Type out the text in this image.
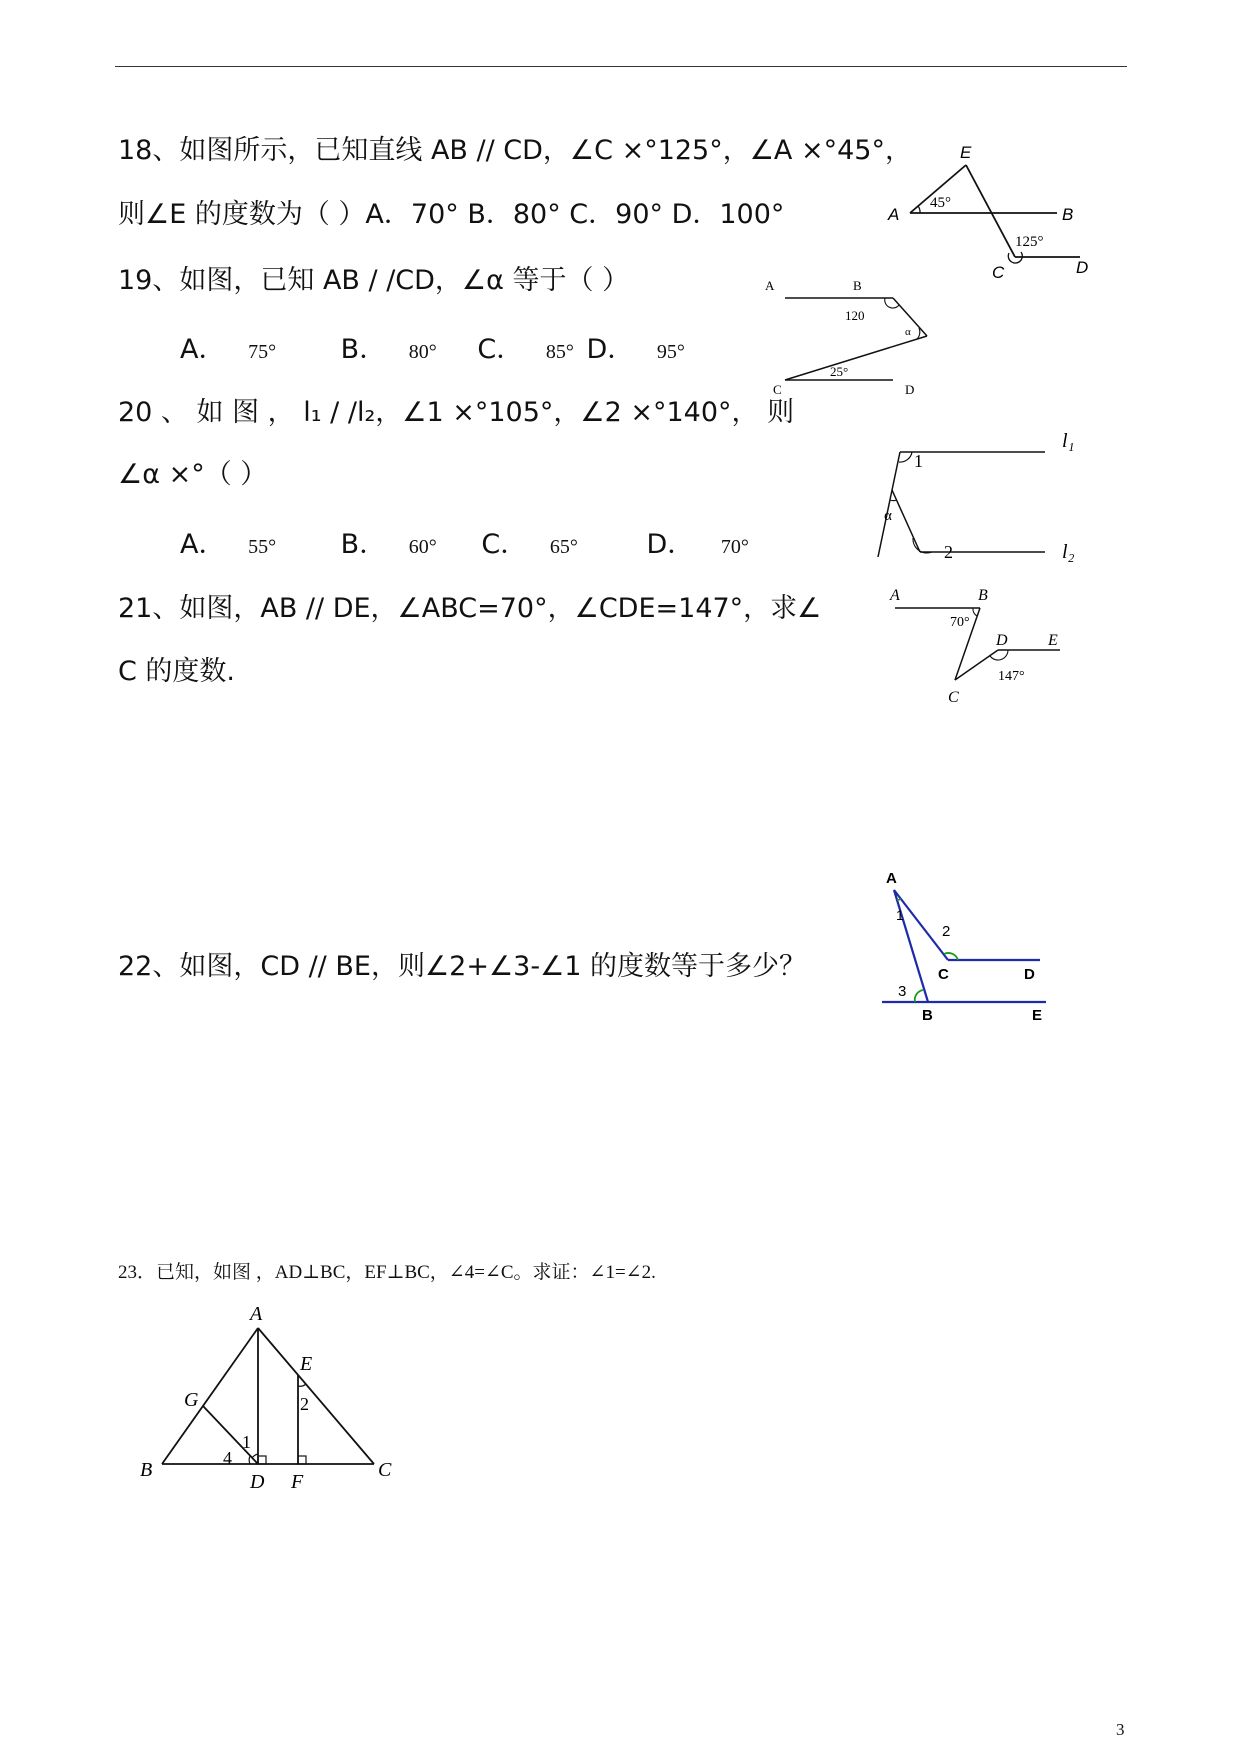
18、如图所示，已知直线 AB // CD，∠C ×°125°，∠A ×°45°，
则∠E 的度数为（ ）A．70° B．80° C．90° D．100°
E
A	B
C	D
45°
125°
19、如图，已知 AB / /CD，∠α 等于（ ）
A． 75° B． 80° C． 85° D． 95°
A	B
C	D
120
25°
α
20 、 如 图 ， l₁ / /l₂，∠1 ×°105°，∠2 ×°140°， 则
∠α ×°（ ）
A． 55° B． 60° C． 65°	D． 70°
l₁
l₂
1
2
α
21、如图，AB // DE，∠ABC=70°，∠CDE=147°，求∠
C 的度数.
A	B
C
D	E
70°
147°
22、如图，CD // BE，则∠2+∠3-∠1 的度数等于多少？
A
C	D
B	E
1
2
3
23．已知，如图 ，AD⊥BC，EF⊥BC，∠4=∠C。求证：∠1=∠2.
A
B	C
D
E
F
G
1
2
4
3
